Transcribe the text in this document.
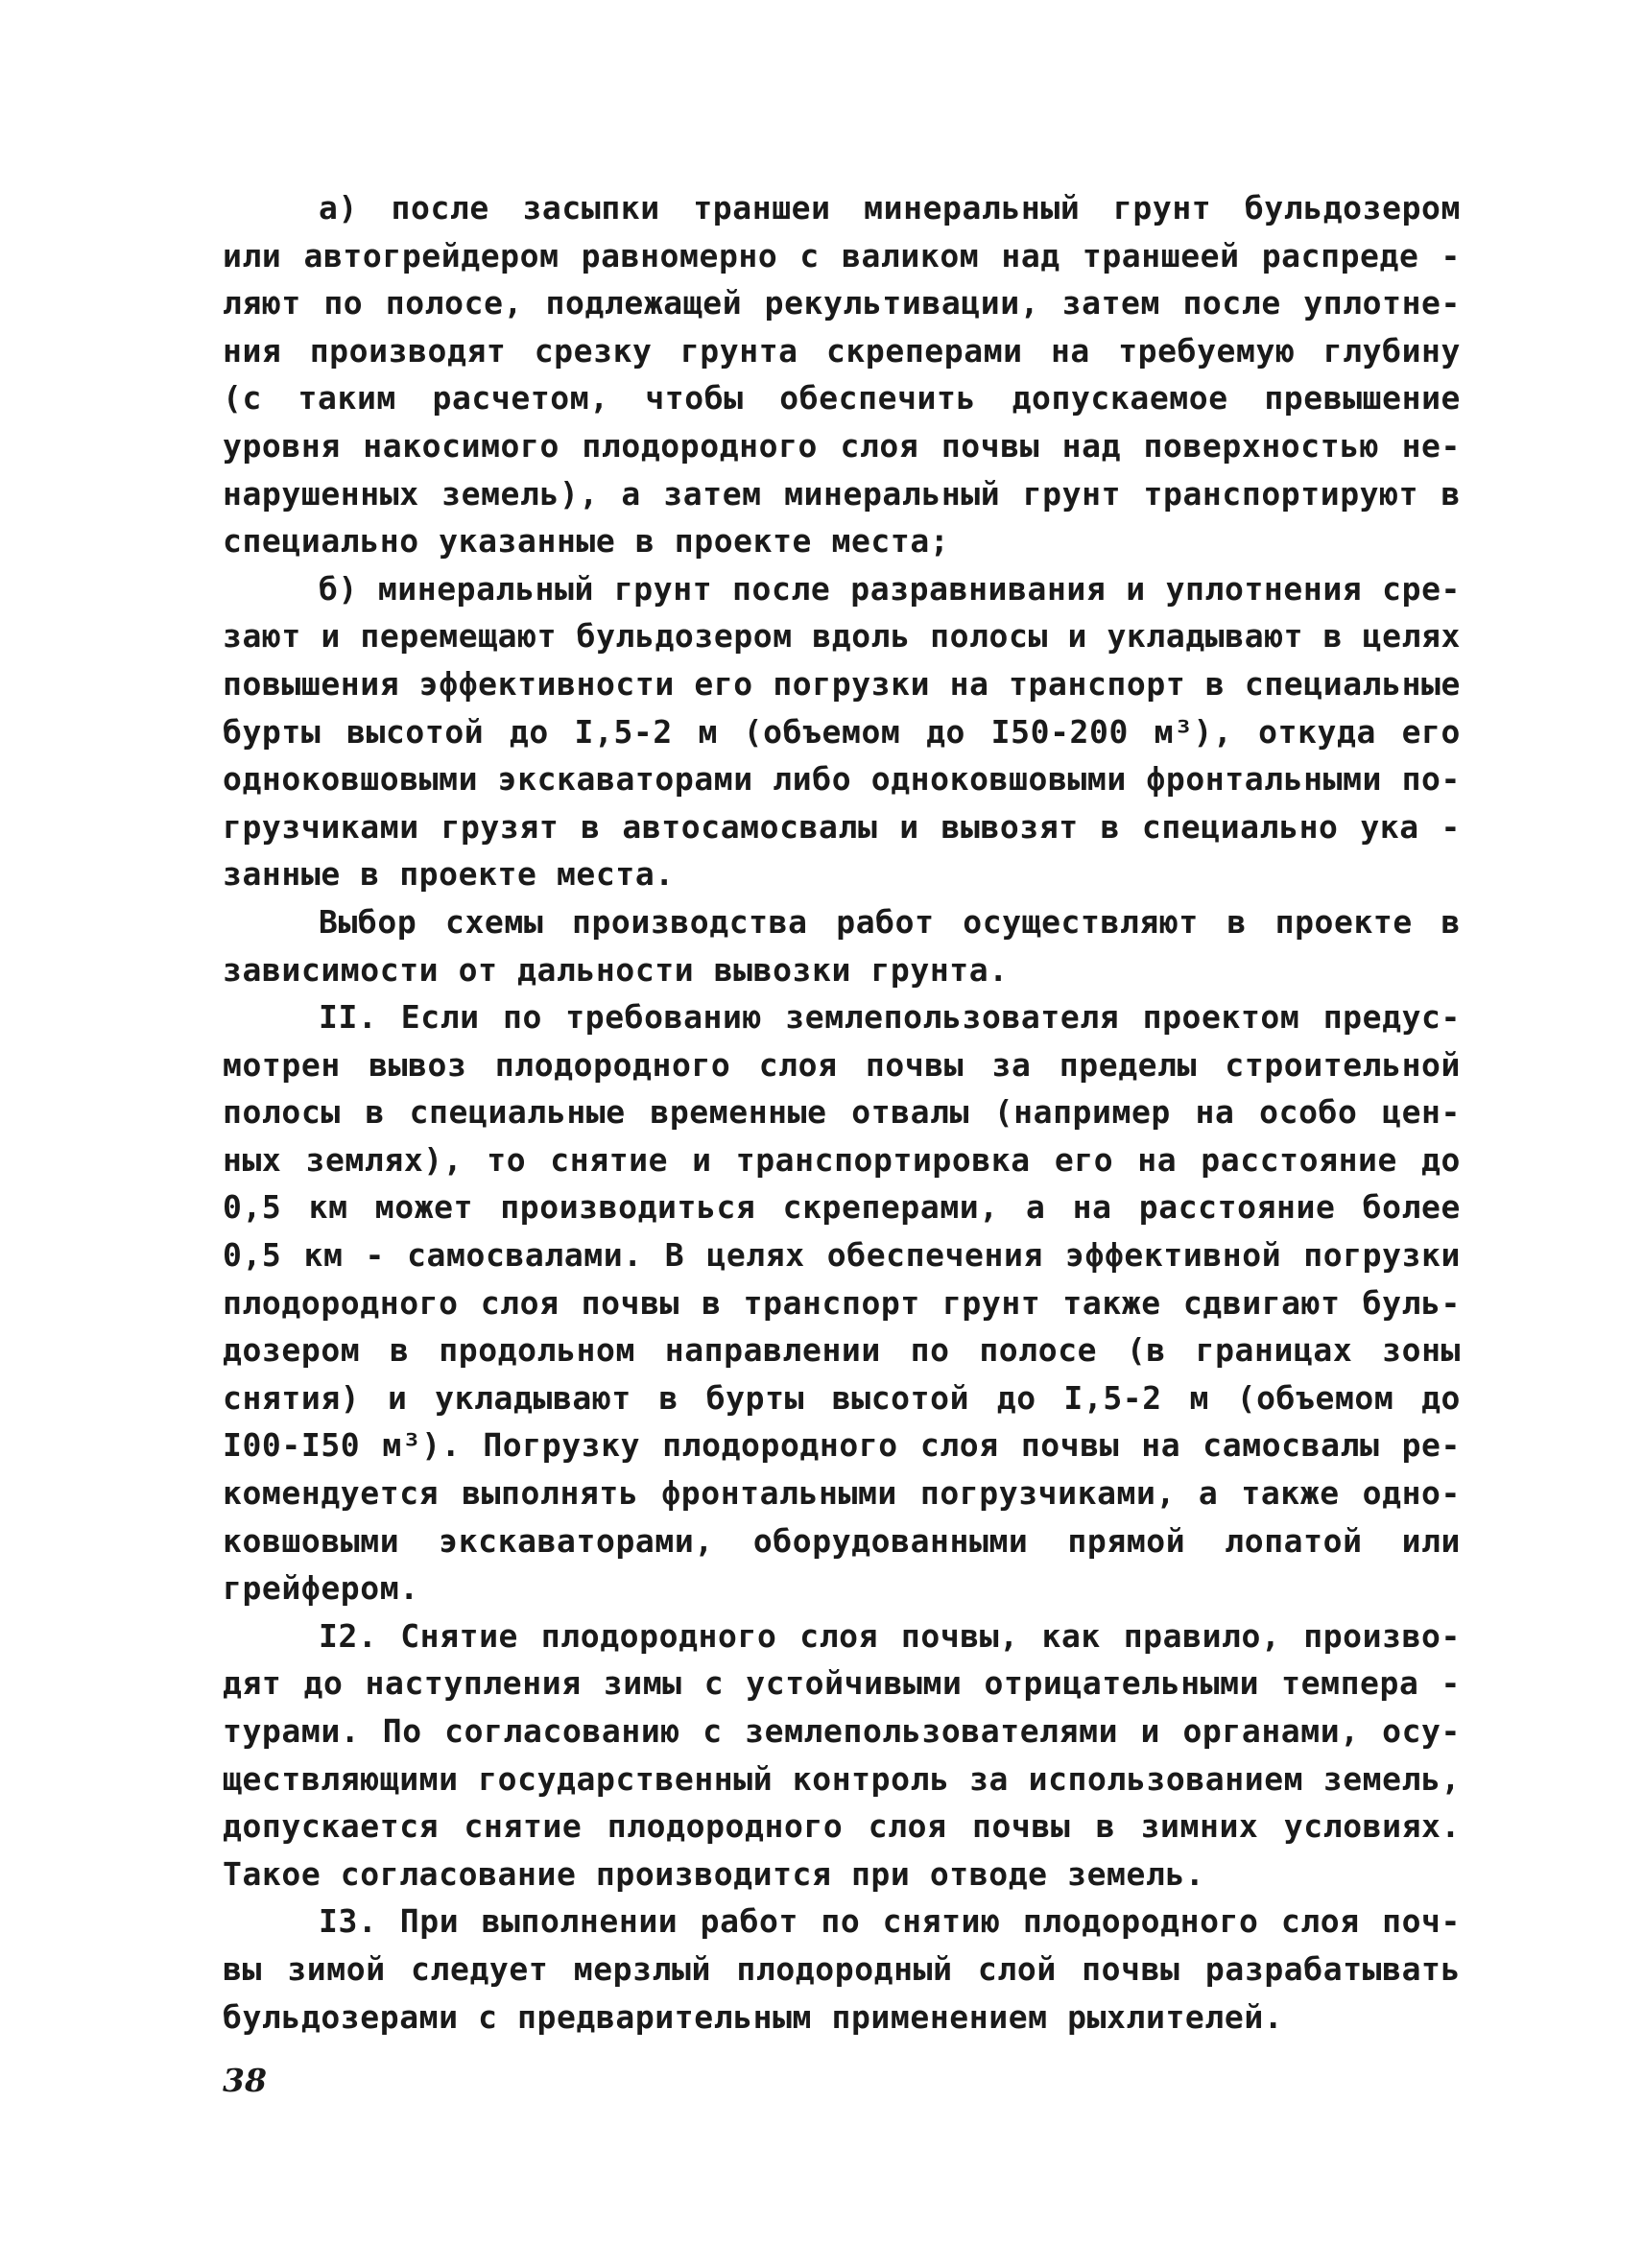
а) после засыпки траншеи минеральный грунт бульдозером
или автогрейдером равномерно с валиком над траншеей распреде -
ляют по полосе, подлежащей рекультивации, затем после уплотне-
ния производят срезку грунта скреперами на требуемую глубину
(с таким расчетом, чтобы обеспечить допускаемое превышение
уровня накосимого плодородного слоя почвы над поверхностью не-
нарушенных земель), а затем минеральный грунт транспортируют в
специально указанные в проекте места;
б) минеральный грунт после разравнивания и уплотнения сре-
зают и перемещают бульдозером вдоль полосы и укладывают в целях
повышения эффективности его погрузки на транспорт в специальные
бурты высотой до I,5-2 м (объемом до I50-200 м³), откуда его
одноковшовыми экскаваторами либо одноковшовыми фронтальными по-
грузчиками грузят в автосамосвалы и вывозят в специально ука -
занные в проекте места.
Выбор схемы производства работ осуществляют в проекте в
зависимости от дальности вывозки грунта.
II. Если по требованию землепользователя проектом предус-
мотрен вывоз плодородного слоя почвы за пределы строительной
полосы в специальные временные отвалы (например на особо цен-
ных землях), то снятие и транспортировка его на расстояние до
0,5 км может производиться скреперами, а на расстояние более
0,5 км - самосвалами. В целях обеспечения эффективной погрузки
плодородного слоя почвы в транспорт грунт также сдвигают буль-
дозером в продольном направлении по полосе (в границах зоны
снятия) и укладывают в бурты высотой до I,5-2 м (объемом до
I00-I50 м³). Погрузку плодородного слоя почвы на самосвалы ре-
комендуется выполнять фронтальными погрузчиками, а также одно-
ковшовыми экскаваторами, оборудованными прямой лопатой или
грейфером.
I2. Снятие плодородного слоя почвы, как правило, произво-
дят до наступления зимы с устойчивыми отрицательными темпера -
турами. По согласованию с землепользователями и органами, осу-
ществляющими государственный контроль за использованием земель,
допускается снятие плодородного слоя почвы в зимних условиях.
Такое согласование производится при отводе земель.
I3. При выполнении работ по снятию плодородного слоя поч-
вы зимой следует мерзлый плодородный слой почвы разрабатывать
бульдозерами с предварительным применением рыхлителей.
38
